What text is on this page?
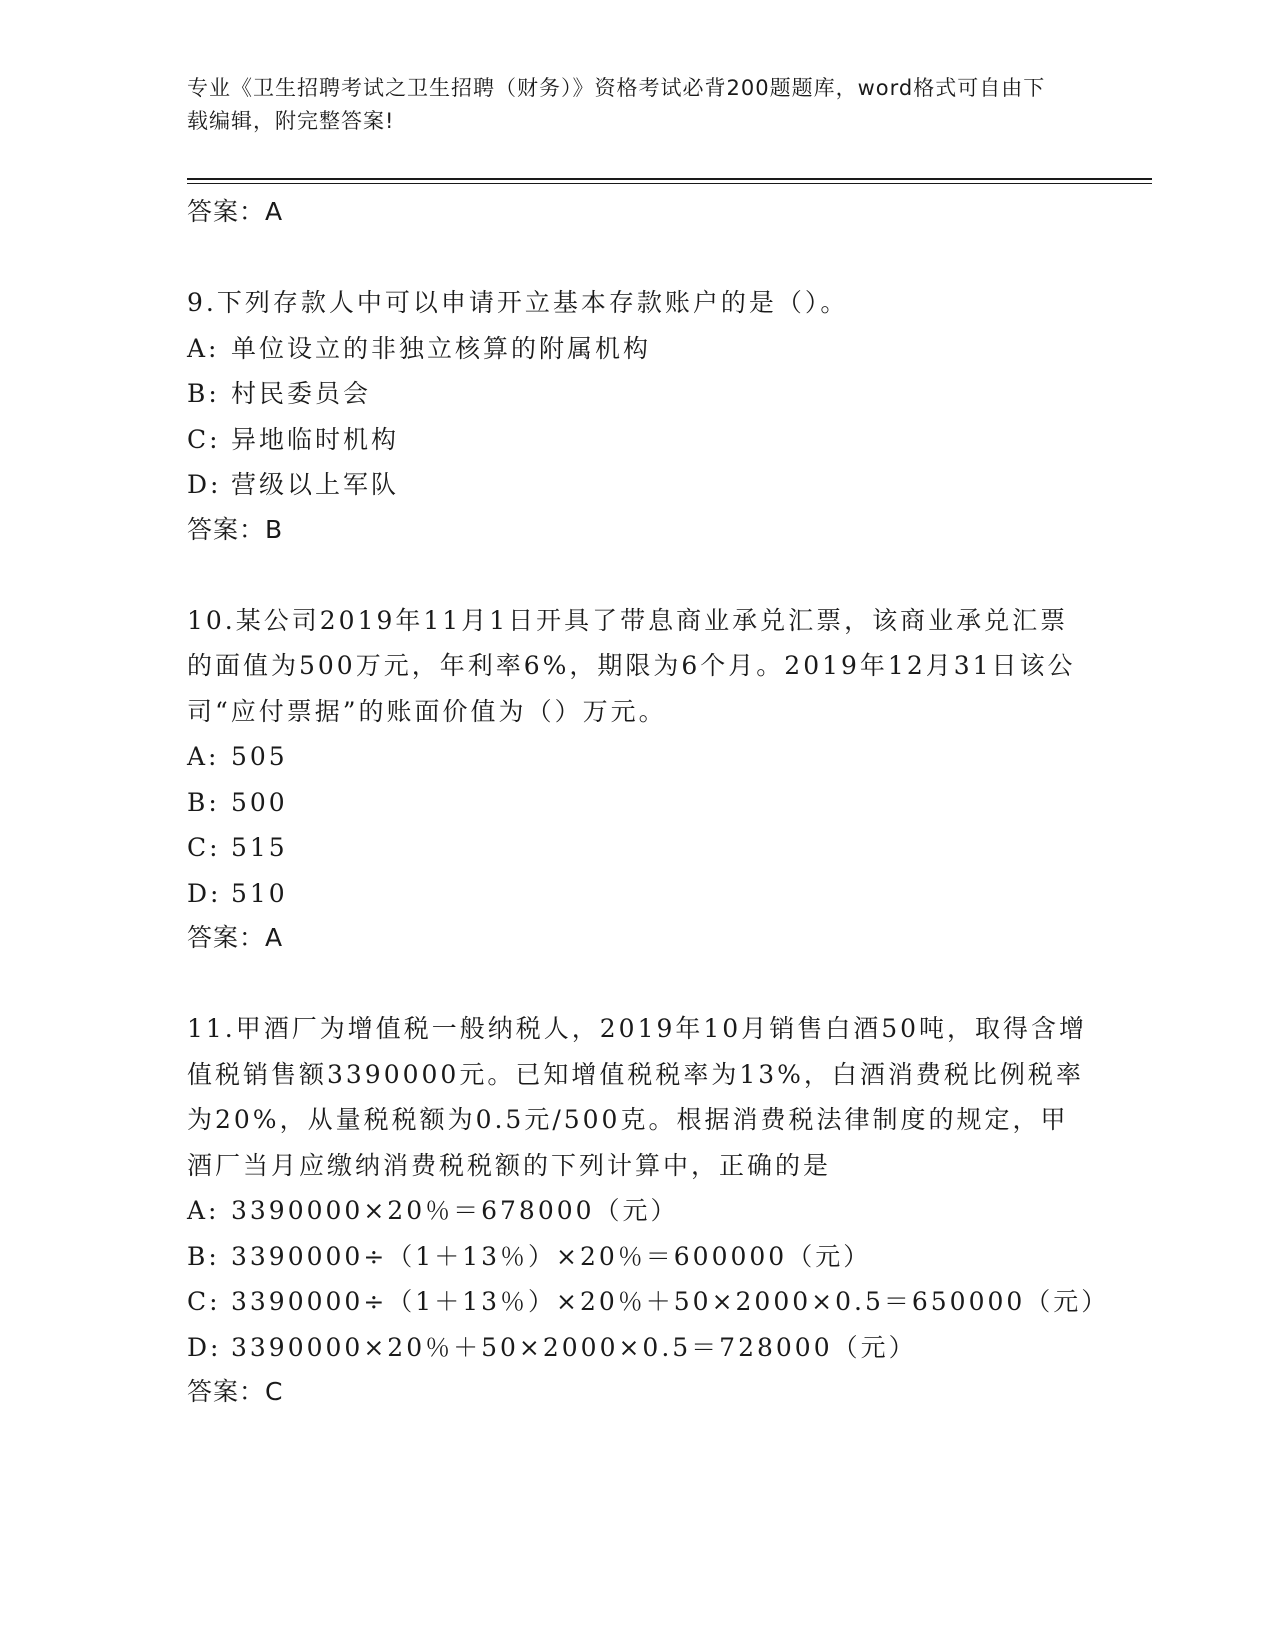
专业《卫生招聘考试之卫生招聘（财务）》资格考试必背200题题库，word格式可自由下载编辑，附完整答案!
答案：A
9.下列存款人中可以申请开立基本存款账户的是（）。
A: 单位设立的非独立核算的附属机构
B: 村民委员会
C: 异地临时机构
D: 营级以上军队
答案：B
10.某公司2019年11月1日开具了带息商业承兑汇票，该商业承兑汇票的面值为500万元，年利率6%，期限为6个月。2019年12月31日该公司“应付票据”的账面价值为（）万元。
A: 505
B: 500
C: 515
D: 510
答案：A
11.甲酒厂为增值税一般纳税人，2019年10月销售白酒50吨，取得含增值税销售额3390000元。已知增值税税率为13%，白酒消费税比例税率为20%，从量税税额为0.5元/500克。根据消费税法律制度的规定，甲酒厂当月应缴纳消费税税额的下列计算中，正确的是
A: 3390000×20％＝678000（元）
B: 3390000÷（1＋13％）×20％＝600000（元）
C: 3390000÷（1＋13％）×20％＋50×2000×0.5＝650000（元）
D: 3390000×20％＋50×2000×0.5＝728000（元）
答案：C
